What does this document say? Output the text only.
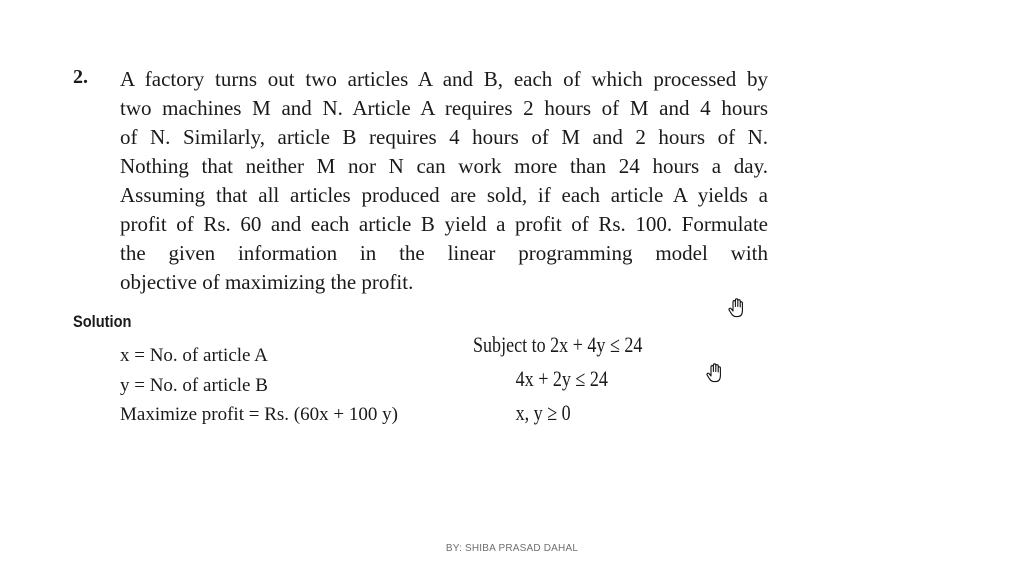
2. A factory turns out two articles A and B, each of which processed by
two machines M and N. Article A requires 2 hours of M and 4 hours
of N. Similarly, article B requires 4 hours of M and 2 hours of N.
Nothing that neither M nor N can work more than 24 hours a day.
Assuming that all articles produced are sold, if each article A yields a
profit of Rs. 60 and each article B yield a profit of Rs. 100. Formulate
the given information in the linear programming model with
objective of maximizing the profit.
Solution
x = No. of article A
y = No. of article B
Maximize profit = Rs. (60x + 100 y)
Subject to 2x + 4y ≤ 24
4x + 2y ≤ 24
x, y ≥ 0
BY: SHIBA PRASAD DAHAL
